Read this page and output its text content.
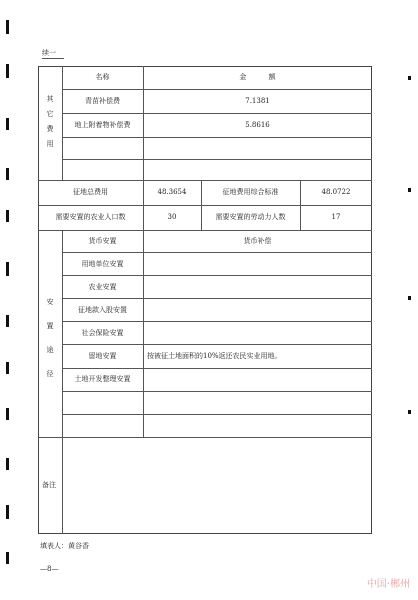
续一
其它费用
名称	金 额
青苗补偿费	7.1381
地上附着物补偿费	5.8616
征地总费用	48.3654	征地费用综合标准	48.0722
需要安置的农业人口数	30	需要安置的劳动力人数	17
安置途径
货币安置	货币补偿
用地单位安置
农业安置
征地款入股安置
社会保险安置
留地安置	按被征土地面积的10%返还农民实业用地。
土地开发整理安置
备注
填表人：黄谷香
—8—
中国·郴州
